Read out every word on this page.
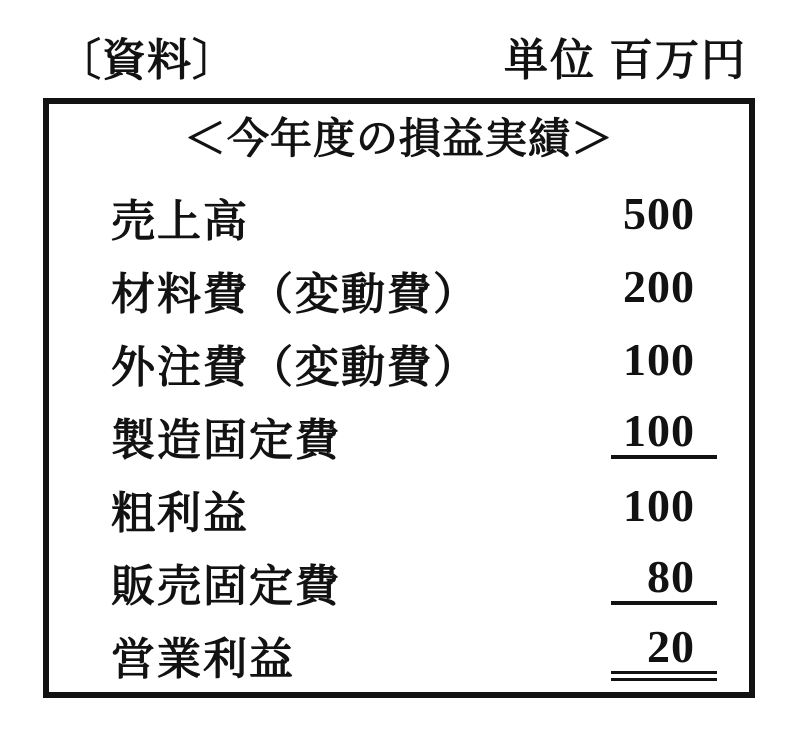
〔資料〕	単位 百万円
＜今年度の損益実績＞
売上高	500
材料費（変動費）	200
外注費（変動費）	100
製造固定費	100
粗利益	100
販売固定費	80
営業利益	20
